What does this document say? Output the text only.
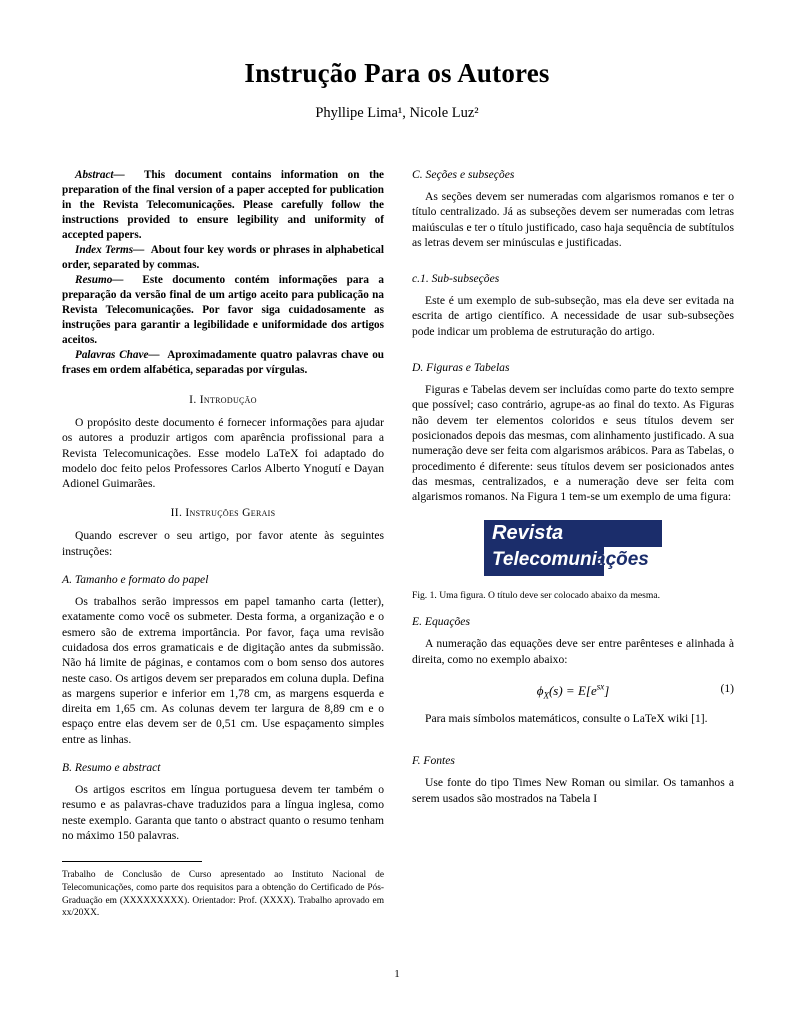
Instrução Para os Autores
Phyllipe Lima¹, Nicole Luz²

Abstract— This document contains information on the preparation of the final version of a paper accepted for publication in the Revista Telecomunicações. Please carefully follow the instructions provided to ensure legibility and uniformity of accepted papers.

Index Terms— About four key words or phrases in alphabetical order, separated by commas.

Resumo— Este documento contém informações para a preparação da versão final de um artigo aceito para publicação na Revista Telecomunicações. Por favor siga cuidadosamente as instruções para garantir a legibilidade e uniformidade dos artigos aceitos.

Palavras Chave— Aproximadamente quatro palavras chave ou frases em ordem alfabética, separadas por vírgulas.

I. Introdução

O propósito deste documento é fornecer informações para ajudar os autores a produzir artigos com aparência profissional para a Revista Telecomunicações. Esse modelo LaTeX foi adaptado do modelo doc feito pelos Professores Carlos Alberto Ynogutí e Dayan Adionel Guimarães.

II. Instruções Gerais

Quando escrever o seu artigo, por favor atente às seguintes instruções:

A. Tamanho e formato do papel

Os trabalhos serão impressos em papel tamanho carta (letter), exatamente como você os submeter. Desta forma, a organização e o esmero são de extrema importância. Por favor, faça uma revisão cuidadosa dos erros gramaticais e de digitação antes da submissão. Não há limite de páginas, e contamos com o bom senso dos autores neste caso. Os artigos devem ser preparados em coluna dupla. Defina as margens superior e inferior em 1,78 cm, as margens esquerda e direita em 1,65 cm. As colunas devem ter largura de 8,89 cm e o espaço entre elas devem ser de 0,51 cm. Use espaçamento simples entre as linhas.

B. Resumo e abstract

Os artigos escritos em língua portuguesa devem ter também o resumo e as palavras-chave traduzidos para a língua inglesa, como neste exemplo. Garanta que tanto o abstract quanto o resumo tenham no máximo 150 palavras.

Trabalho de Conclusão de Curso apresentado ao Instituto Nacional de Telecomunicações, como parte dos requisitos para a obtenção do Certificado de Pós-Graduação em (XXXXXXXXX). Orientador: Prof. (XXXX). Trabalho aprovado em xx/20XX.
C. Seções e subseções

As seções devem ser numeradas com algarismos romanos e ter o título centralizado. Já as subseções devem ser numeradas com letras maiúsculas e ter o título justificado, caso haja sequência de subtítulos as letras devem ser minúsculas e justificadas.

c.1. Sub-subseções

Este é um exemplo de sub-subseção, mas ela deve ser evitada na escrita de artigo científico. A necessidade de usar sub-subseções pode indicar um problema de estruturação do artigo.

D. Figuras e Tabelas

Figuras e Tabelas devem ser incluídas como parte do texto sempre que possível; caso contrário, agrupe-as ao final do texto. As Figuras não devem ter elementos coloridos e seus títulos devem ser posicionados depois das mesmas, com alinhamento justificado. A sua numeração deve ser feita com algarismos arábicos. Para as Tabelas, o procedimento é diferente: seus títulos devem ser posicionados antes das mesmas, centralizados, e a numeração deve ser feita com algarismos romanos. Na Figura 1 tem-se um exemplo de uma figura:

Revista
Telecomunic
ações
Fig. 1. Uma figura. O título deve ser colocado abaixo da mesma.
E. Equações

A numeração das equações deve ser entre parênteses e alinhada à direita, como no exemplo abaixo:

$\phi_X(s) = E[e^{sx}]$	(1)

Para mais símbolos matemáticos, consulte o LaTeX wiki [1].

F. Fontes

Use fonte do tipo Times New Roman ou similar. Os tamanhos a serem usados são mostrados na Tabela I

1
